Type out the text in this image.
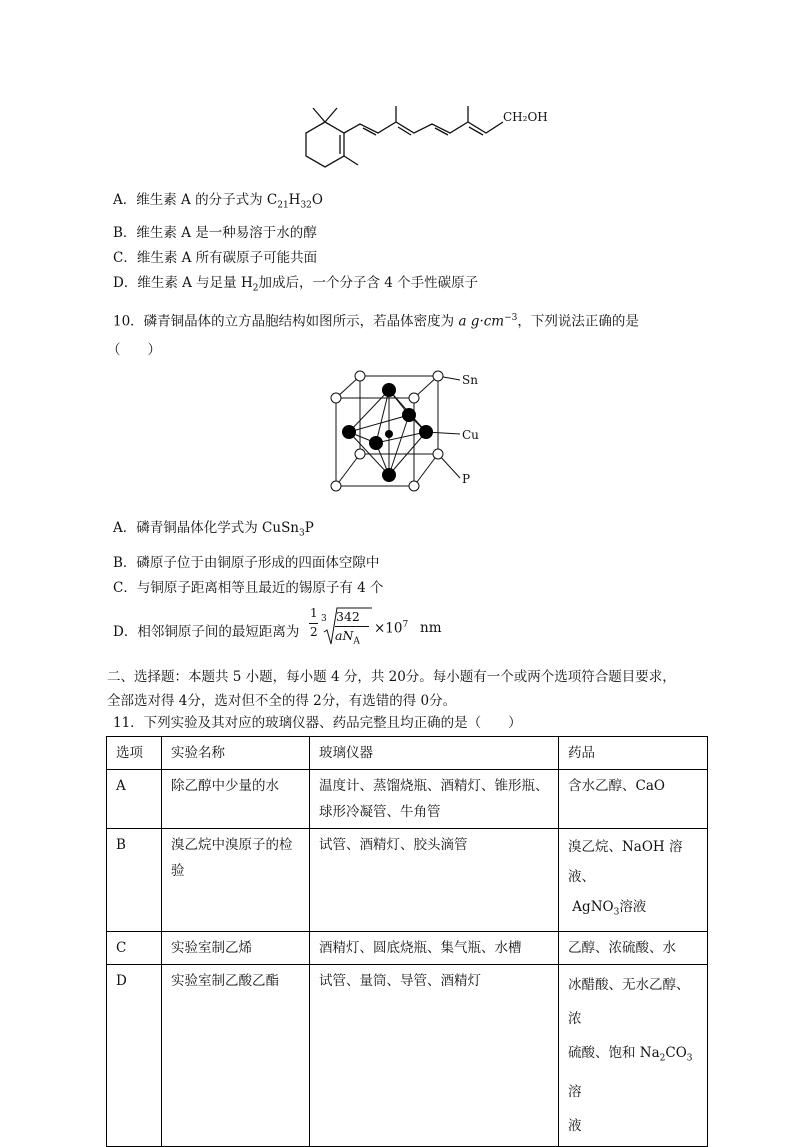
CH₂OH
A．维生素 A 的分子式为 $C_{21}H_{32}O$
B．维生素 A 是一种易溶于水的醇
C．维生素 A 所有碳原子可能共面
D．维生素 A 与足量 $H_2$加成后，一个分子含 4 个手性碳原子
10．磷青铜晶体的立方晶胞结构如图所示，若晶体密度为 a $g\cdot cm^{-3}$，下列说法正确的是
（　　）
Sn
Cu
P
A．磷青铜晶体化学式为 CuSn$_3$P
B．磷原子位于由铜原子形成的四面体空隙中
C．与铜原子距离相等且最近的锡原子有 4 个
D．相邻铜原子间的最短距离为
1
2
3 342
$aN_A$
$\times 10^7$ nm
二、选择题：本题共 5 小题，每小题 4 分，共 20分。每小题有一个或两个选项符合题目要求，
全部选对得 4分，选对但不全的得 2分，有选错的得 0分。
11．下列实验及其对应的玻璃仪器、药品完整且均正确的是（　　）
选项	实验名称	玻璃仪器	药品
A	除乙醇中少量的水	温度计、蒸馏烧瓶、酒精灯、锥形瓶、球形冷凝管、牛角管	含水乙醇、CaO
B	溴乙烷中溴原子的检验	试管、酒精灯、胶头滴管	溴乙烷、NaOH 溶液、
AgNO$_3$溶液

C	实验室制乙烯	酒精灯、圆底烧瓶、集气瓶、水槽	乙醇、浓硫酸、水
D	实验室制乙酸乙酯	试管、量筒、导管、酒精灯	冰醋酸、无水乙醇、浓
硫酸、饱和 $Na_2CO_3$溶
液
